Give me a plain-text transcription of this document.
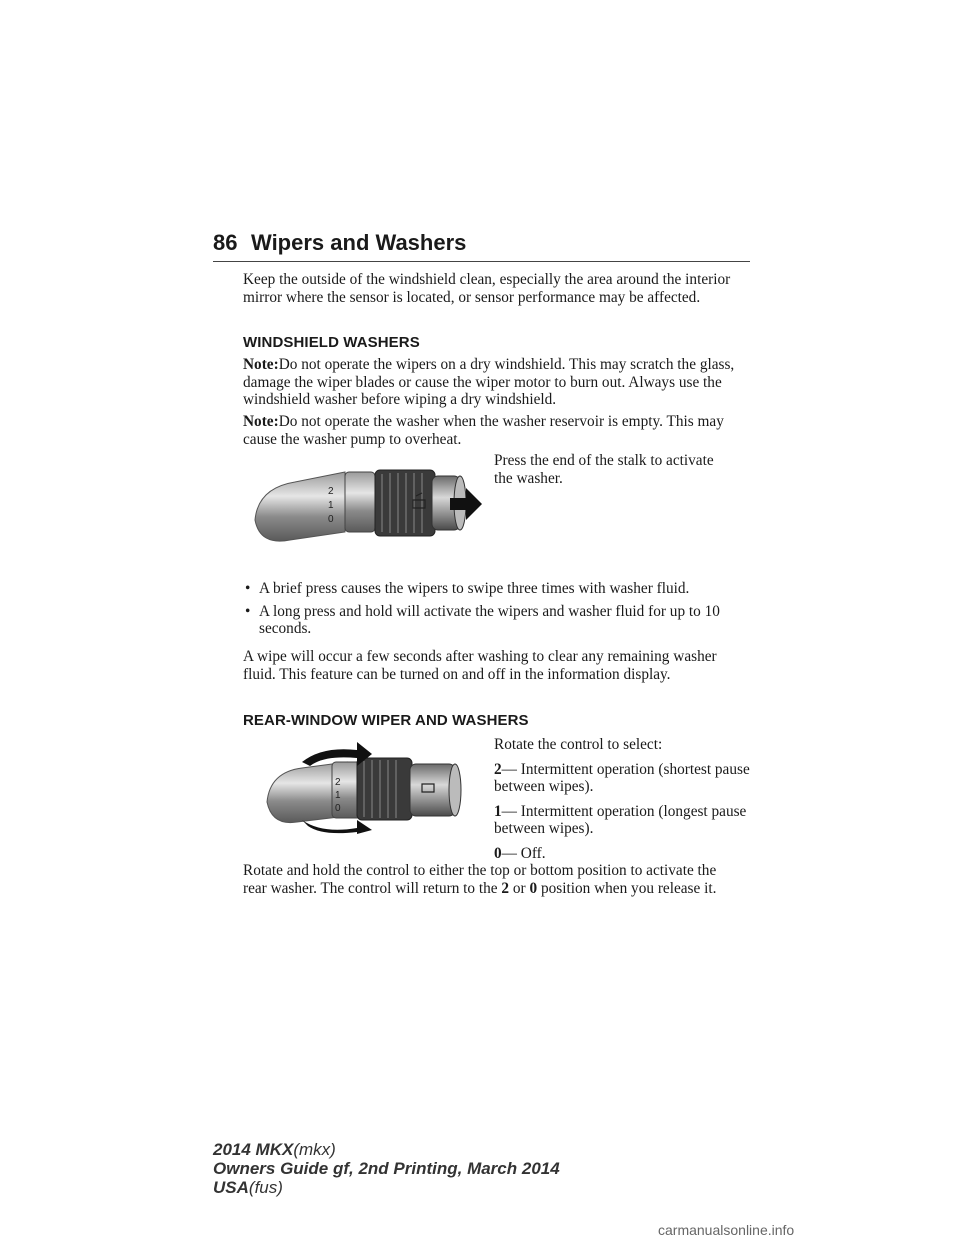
86 Wipers and Washers

Keep the outside of the windshield clean, especially the area around the interior mirror where the sensor is located, or sensor performance may be affected.

WINDSHIELD WASHERS

Note:Do not operate the wipers on a dry windshield. This may scratch the glass, damage the wiper blades or cause the wiper motor to burn out. Always use the windshield washer before wiping a dry windshield.

Note:Do not operate the washer when the washer reservoir is empty. This may cause the washer pump to overheat.

2
1
0

Press the end of the stalk to activate the washer.

• A brief press causes the wipers to swipe three times with washer fluid.
• A long press and hold will activate the wipers and washer fluid for up to 10 seconds.

A wipe will occur a few seconds after washing to clear any remaining washer fluid. This feature can be turned on and off in the information display.

REAR-WINDOW WIPER AND WASHERS
2
1
0

Rotate the control to select:

2— Intermittent operation (shortest pause between wipes).

1— Intermittent operation (longest pause between wipes).

0— Off.

Rotate and hold the control to either the top or bottom position to activate the rear washer. The control will return to the 2 or 0 position when you release it.

2014 MKX(mkx)
Owners Guide gf, 2nd Printing, March 2014
USA(fus)
carmanualsonline.info
